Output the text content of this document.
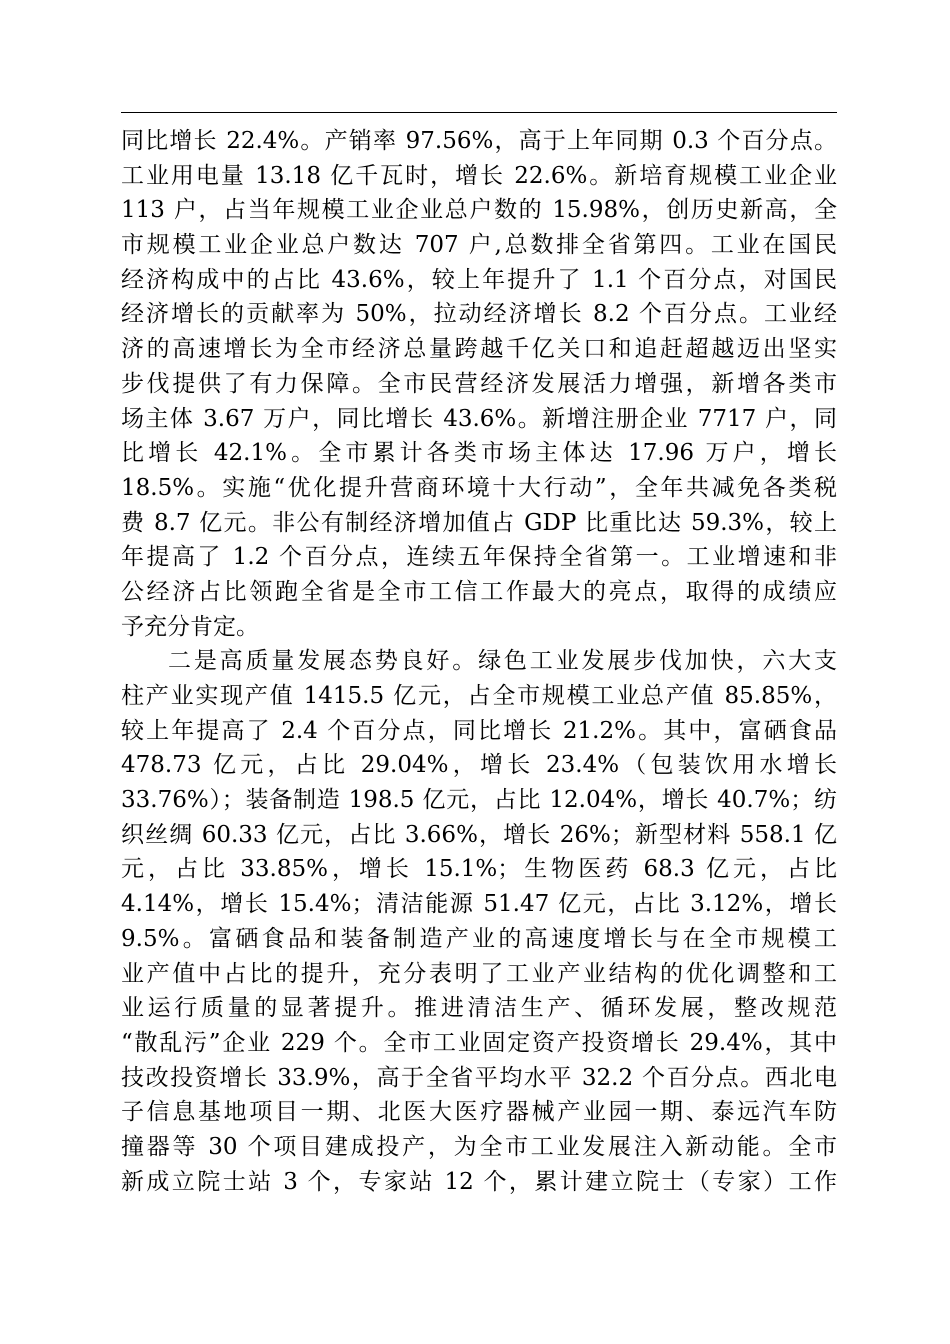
同比增长 22.4%。产销率 97.56%，高于上年同期 0.3 个百分点。
工业用电量 13.18 亿千瓦时，增长 22.6%。新培育规模工业企业
113 户，占当年规模工业企业总户数的 15.98%，创历史新高，全
市规模工业企业总户数达 707 户,总数排全省第四。工业在国民
经济构成中的占比 43.6%，较上年提升了 1.1 个百分点，对国民
经济增长的贡献率为 50%，拉动经济增长 8.2 个百分点。工业经
济的高速增长为全市经济总量跨越千亿关口和追赶超越迈出坚实
步伐提供了有力保障。全市民营经济发展活力增强，新增各类市
场主体 3.67 万户，同比增长 43.6%。新增注册企业 7717 户，同
比增长 42.1%。全市累计各类市场主体达 17.96 万户，增长
18.5%。实施“优化提升营商环境十大行动”，全年共减免各类税
费 8.7 亿元。非公有制经济增加值占 GDP 比重比达 59.3%，较上
年提高了 1.2 个百分点，连续五年保持全省第一。工业增速和非
公经济占比领跑全省是全市工信工作最大的亮点，取得的成绩应
予充分肯定。
二是高质量发展态势良好。绿色工业发展步伐加快，六大支
柱产业实现产值 1415.5 亿元，占全市规模工业总产值 85.85%，
较上年提高了 2.4 个百分点，同比增长 21.2%。其中，富硒食品
478.73 亿元，占比 29.04%，增长 23.4%（包装饮用水增长
33.76%）；装备制造 198.5 亿元，占比 12.04%，增长 40.7%；纺
织丝绸 60.33 亿元，占比 3.66%，增长 26%；新型材料 558.1 亿
元，占比 33.85%，增长 15.1%；生物医药 68.3 亿元，占比
4.14%，增长 15.4%；清洁能源 51.47 亿元，占比 3.12%，增长
9.5%。富硒食品和装备制造产业的高速度增长与在全市规模工
业产值中占比的提升，充分表明了工业产业结构的优化调整和工
业运行质量的显著提升。推进清洁生产、循环发展，整改规范
“散乱污”企业 229 个。全市工业固定资产投资增长 29.4%，其中
技改投资增长 33.9%，高于全省平均水平 32.2 个百分点。西北电
子信息基地项目一期、北医大医疗器械产业园一期、泰远汽车防
撞器等 30 个项目建成投产，为全市工业发展注入新动能。全市
新成立院士站 3 个，专家站 12 个，累计建立院士（专家）工作
